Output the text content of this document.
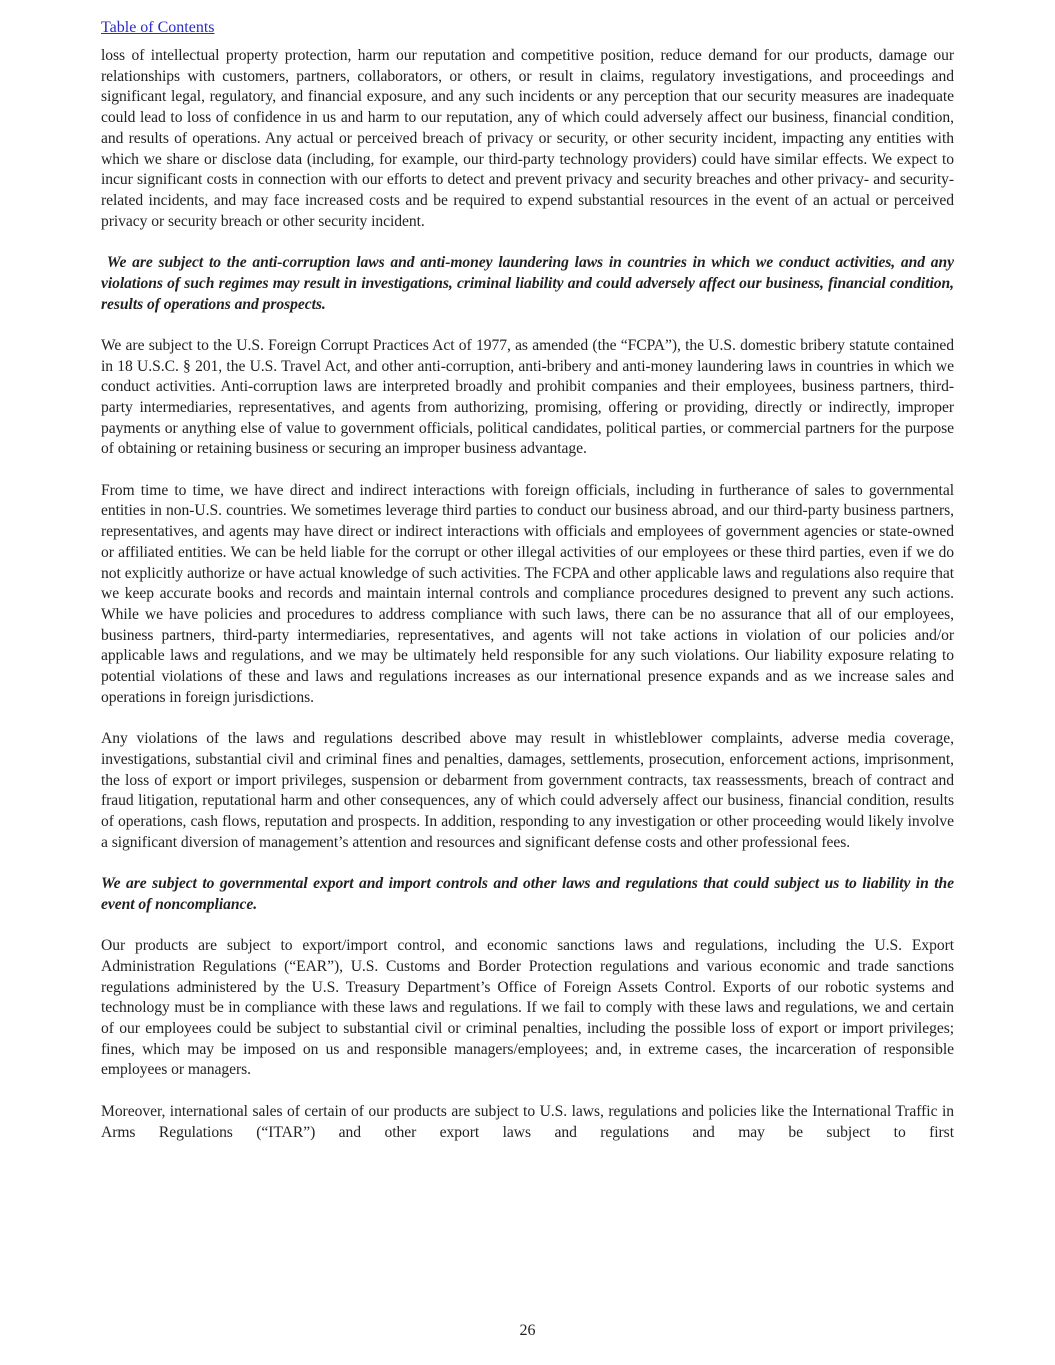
Table of Contents

loss of intellectual property protection, harm our reputation and competitive position, reduce demand for our products, damage our relationships with customers, partners, collaborators, or others, or result in claims, regulatory investigations, and proceedings and significant legal, regulatory, and financial exposure, and any such incidents or any perception that our security measures are inadequate could lead to loss of confidence in us and harm to our reputation, any of which could adversely affect our business, financial condition, and results of operations. Any actual or perceived breach of privacy or security, or other security incident, impacting any entities with which we share or disclose data (including, for example, our third-party technology providers) could have similar effects. We expect to incur significant costs in connection with our efforts to detect and prevent privacy and security breaches and other privacy- and security-related incidents, and may face increased costs and be required to expend substantial resources in the event of an actual or perceived privacy or security breach or other security incident.

We are subject to the anti-corruption laws and anti-money laundering laws in countries in which we conduct activities, and any violations of such regimes may result in investigations, criminal liability and could adversely affect our business, financial condition, results of operations and prospects.

We are subject to the U.S. Foreign Corrupt Practices Act of 1977, as amended (the “FCPA”), the U.S. domestic bribery statute contained in 18 U.S.C. § 201, the U.S. Travel Act, and other anti-corruption, anti-bribery and anti-money laundering laws in countries in which we conduct activities. Anti-corruption laws are interpreted broadly and prohibit companies and their employees, business partners, third-party intermediaries, representatives, and agents from authorizing, promising, offering or providing, directly or indirectly, improper payments or anything else of value to government officials, political candidates, political parties, or commercial partners for the purpose of obtaining or retaining business or securing an improper business advantage.

From time to time, we have direct and indirect interactions with foreign officials, including in furtherance of sales to governmental entities in non-U.S. countries. We sometimes leverage third parties to conduct our business abroad, and our third-party business partners, representatives, and agents may have direct or indirect interactions with officials and employees of government agencies or state-owned or affiliated entities. We can be held liable for the corrupt or other illegal activities of our employees or these third parties, even if we do not explicitly authorize or have actual knowledge of such activities. The FCPA and other applicable laws and regulations also require that we keep accurate books and records and maintain internal controls and compliance procedures designed to prevent any such actions. While we have policies and procedures to address compliance with such laws, there can be no assurance that all of our employees, business partners, third-party intermediaries, representatives, and agents will not take actions in violation of our policies and/or applicable laws and regulations, and we may be ultimately held responsible for any such violations. Our liability exposure relating to potential violations of these and laws and regulations increases as our international presence expands and as we increase sales and operations in foreign jurisdictions.

Any violations of the laws and regulations described above may result in whistleblower complaints, adverse media coverage, investigations, substantial civil and criminal fines and penalties, damages, settlements, prosecution, enforcement actions, imprisonment, the loss of export or import privileges, suspension or debarment from government contracts, tax reassessments, breach of contract and fraud litigation, reputational harm and other consequences, any of which could adversely affect our business, financial condition, results of operations, cash flows, reputation and prospects. In addition, responding to any investigation or other proceeding would likely involve a significant diversion of management’s attention and resources and significant defense costs and other professional fees.

We are subject to governmental export and import controls and other laws and regulations that could subject us to liability in the event of noncompliance.

Our products are subject to export/import control, and economic sanctions laws and regulations, including the U.S. Export Administration Regulations (“EAR”), U.S. Customs and Border Protection regulations and various economic and trade sanctions regulations administered by the U.S. Treasury Department’s Office of Foreign Assets Control. Exports of our robotic systems and technology must be in compliance with these laws and regulations. If we fail to comply with these laws and regulations, we and certain of our employees could be subject to substantial civil or criminal penalties, including the possible loss of export or import privileges; fines, which may be imposed on us and responsible managers/employees; and, in extreme cases, the incarceration of responsible employees or managers.

Moreover, international sales of certain of our products are subject to U.S. laws, regulations and policies like the International Traffic in Arms Regulations (“ITAR”) and other export laws and regulations and may be subject to first

26
